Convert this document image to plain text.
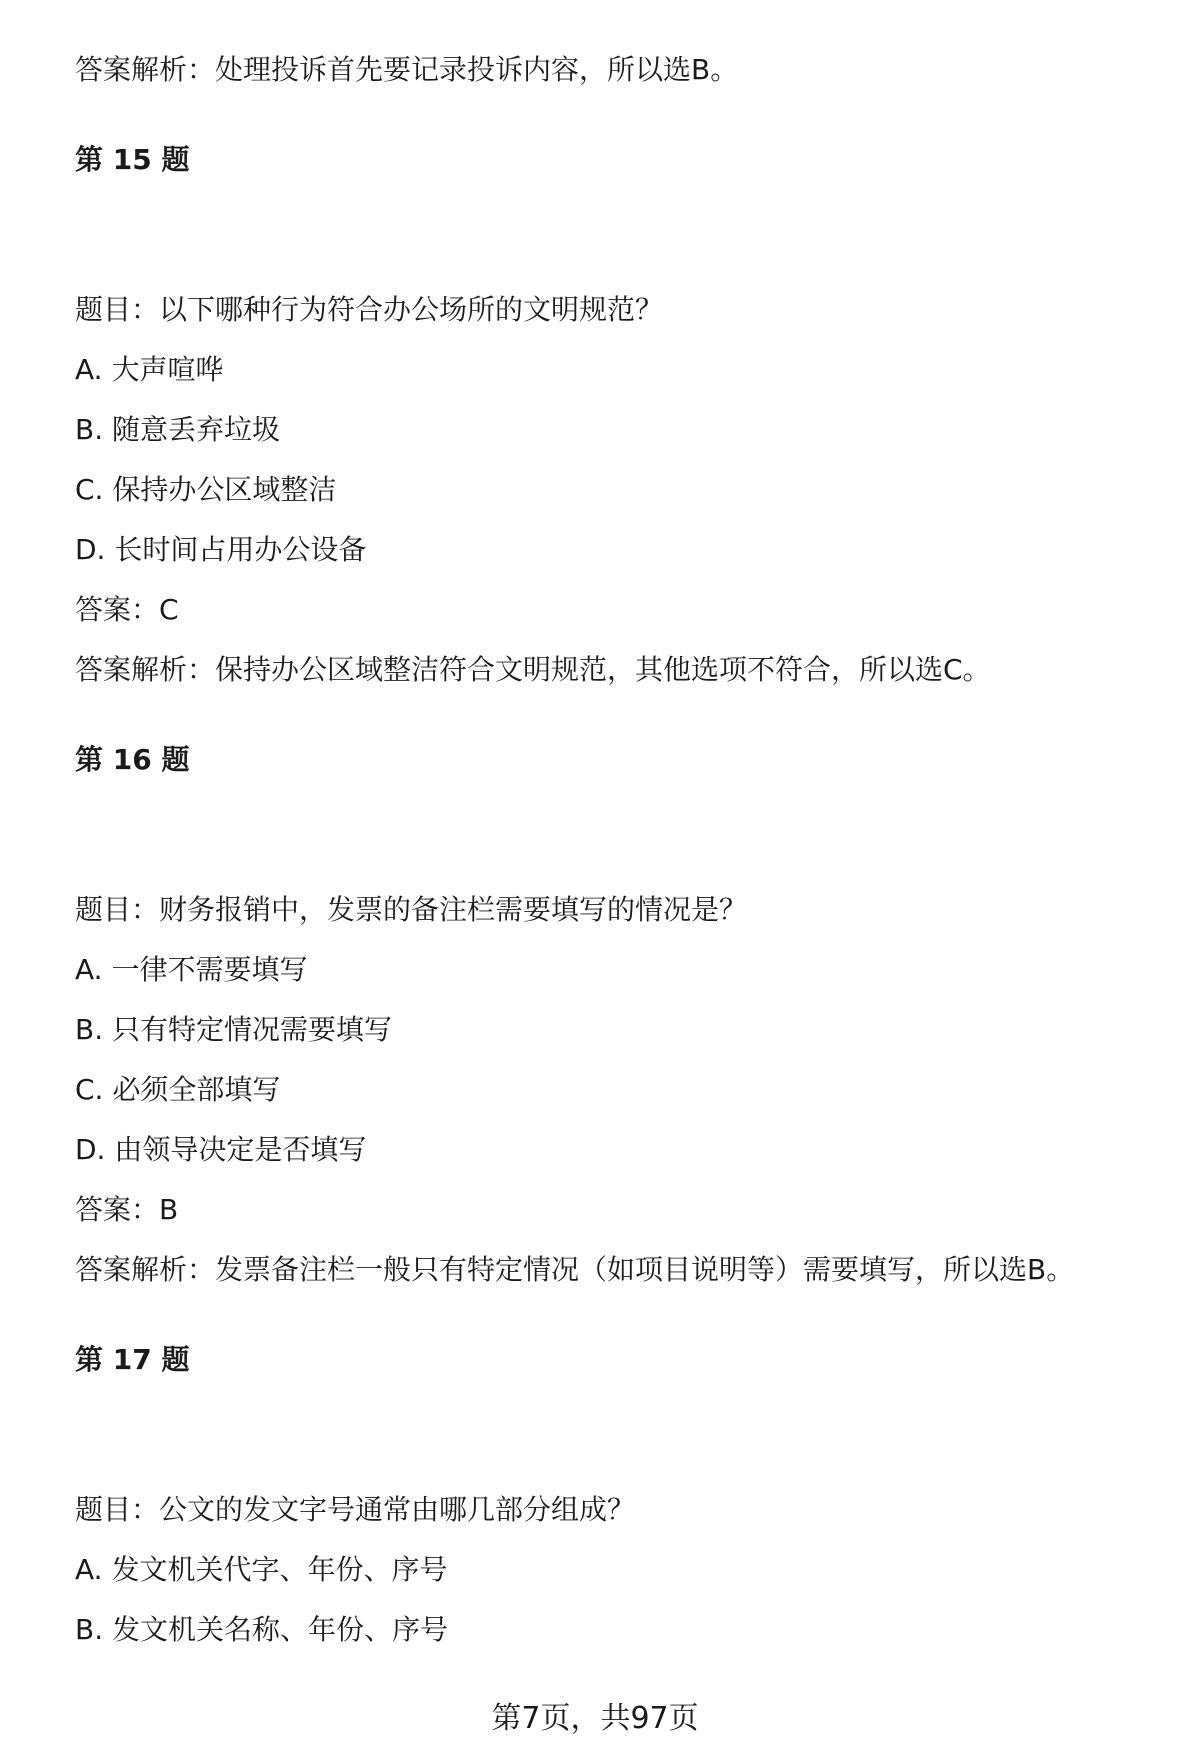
答案解析：处理投诉首先要记录投诉内容，所以选B。
第 15 题
题目：以下哪种行为符合办公场所的文明规范？
A. 大声喧哗
B. 随意丢弃垃圾
C. 保持办公区域整洁
D. 长时间占用办公设备
答案：C
答案解析：保持办公区域整洁符合文明规范，其他选项不符合，所以选C。
第 16 题
题目：财务报销中，发票的备注栏需要填写的情况是？
A. 一律不需要填写
B. 只有特定情况需要填写
C. 必须全部填写
D. 由领导决定是否填写
答案：B
答案解析：发票备注栏一般只有特定情况（如项目说明等）需要填写，所以选B。
第 17 题
题目：公文的发文字号通常由哪几部分组成？
A. 发文机关代字、年份、序号
B. 发文机关名称、年份、序号
第7页，共97页
